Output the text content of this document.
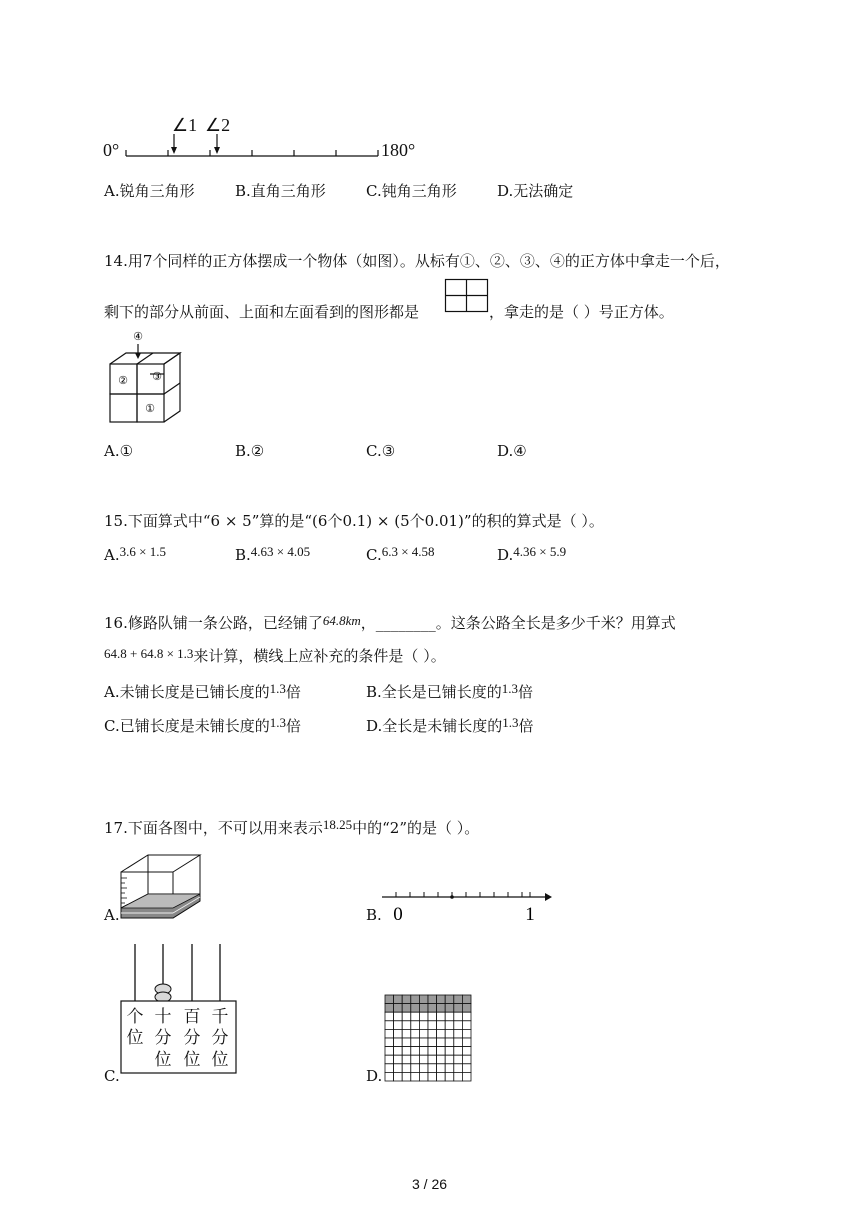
∠1 ∠2
0°	180°
A.锐角三角形	B.直角三角形	C.钝角三角形	D.无法确定
14.用7个同样的正方体摆成一个物体（如图）。从标有①、②、③、④的正方体中拿走一个后，
剩下的部分从前面、上面和左面看到的图形都是	，拿走的是（ ）号正方体。
④
② ③
①
A.①	B.②	C.③	D.④
15.下面算式中“6 × 5”算的是“(6个0.1) × (5个0.01)”的积的算式是（ ）。
A.3.6 × 1.5	B.4.63 × 4.05	C.6.3 × 4.58	D.4.36 × 5.9
16.修路队铺一条公路，已经铺了64.8km，________。这条公路全长是多少千米？用算式
64.8 + 64.8 × 1.3来计算，横线上应补充的条件是（ ）。
A.未铺长度是已铺长度的1.3倍	B.全长是已铺长度的1.3倍
C.已铺长度是未铺长度的1.3倍	D.全长是未铺长度的1.3倍
17.下面各图中，不可以用来表示18.25中的“2”的是（ ）。
A.	B. 0	1
C.
个
位
十
分
位
百
分
位
千
分
位
D.
3 / 26
